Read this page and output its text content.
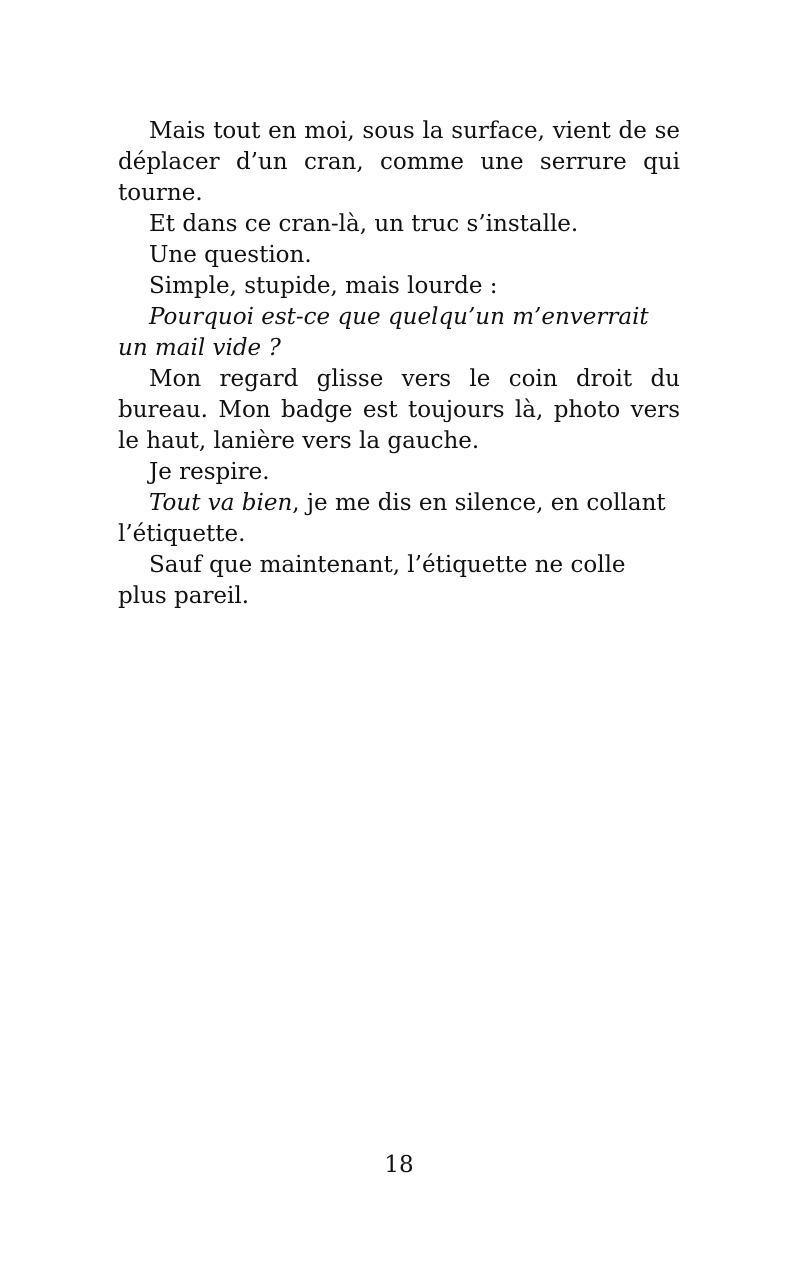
Mais tout en moi, sous la surface, vient de se déplacer d’un cran, comme une serrure qui tourne.

Et dans ce cran-là, un truc s’installe.

Une question.

Simple, stupide, mais lourde :

Pourquoi est-ce que quelqu’un m’enverrait un mail vide ?

Mon regard glisse vers le coin droit du bureau. Mon badge est toujours là, photo vers le haut, lanière vers la gauche.

Je respire.

Tout va bien, je me dis en silence, en collant l’étiquette.

Sauf que maintenant, l’étiquette ne colle plus pareil.

18
